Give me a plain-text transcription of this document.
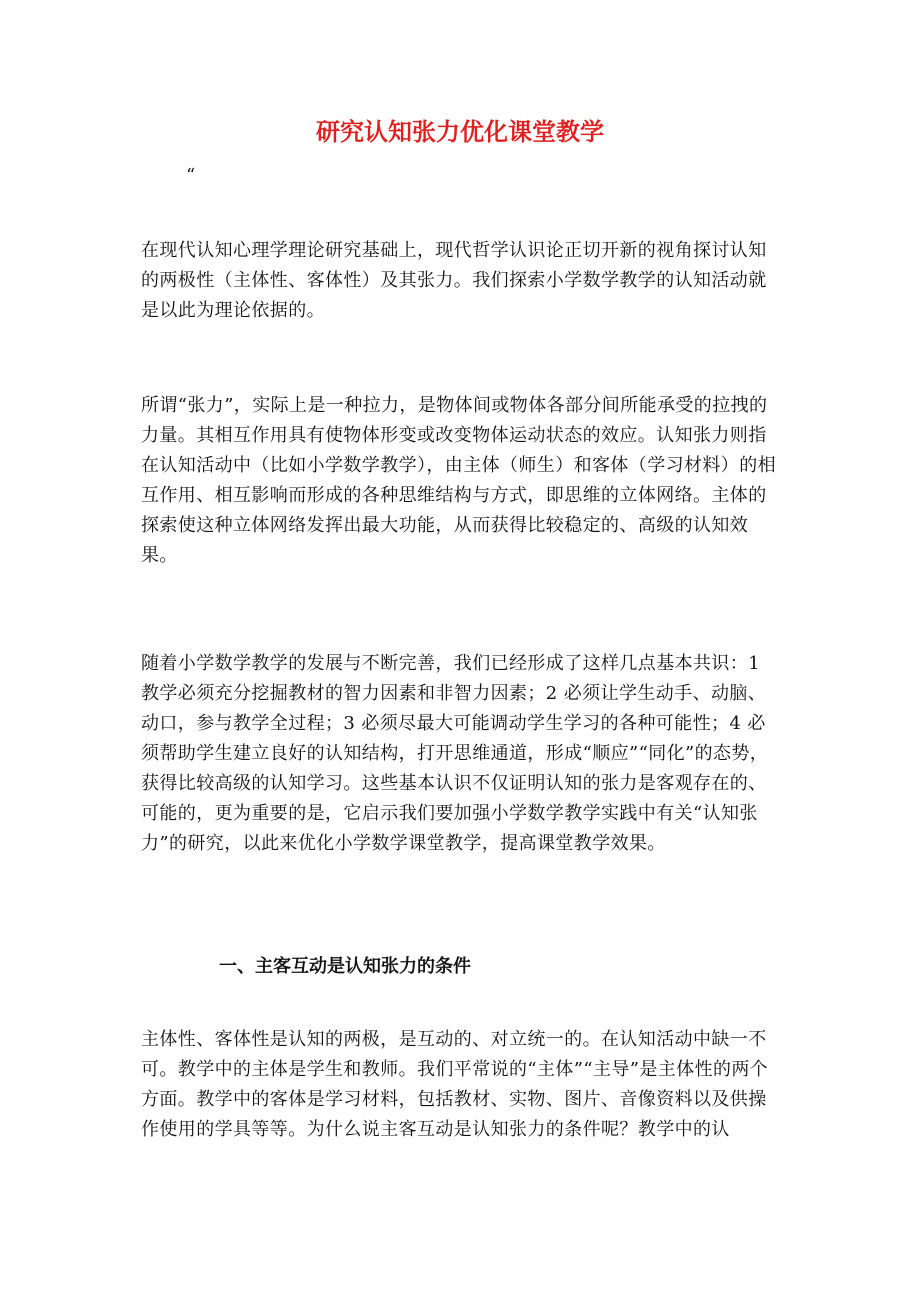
研究认知张力优化课堂教学
“

在现代认知心理学理论研究基础上，现代哲学认识论正切开新的视角探讨认知的两极性（主体性、客体性）及其张力。我们探索小学数学教学的认知活动就是以此为理论依据的。

所谓“张力”，实际上是一种拉力，是物体间或物体各部分间所能承受的拉拽的力量。其相互作用具有使物体形变或改变物体运动状态的效应。认知张力则指在认知活动中（比如小学数学教学），由主体（师生）和客体（学习材料）的相互作用、相互影响而形成的各种思维结构与方式，即思维的立体网络。主体的探索使这种立体网络发挥出最大功能，从而获得比较稳定的、高级的认知效果。

随着小学数学教学的发展与不断完善，我们已经形成了这样几点基本共识：1 教学必须充分挖掘教材的智力因素和非智力因素；2 必须让学生动手、动脑、动口，参与教学全过程；3 必须尽最大可能调动学生学习的各种可能性；4 必须帮助学生建立良好的认知结构，打开思维通道，形成“顺应”“同化”的态势，获得比较高级的认知学习。这些基本认识不仅证明认知的张力是客观存在的、可能的，更为重要的是，它启示我们要加强小学数学教学实践中有关“认知张力”的研究，以此来优化小学数学课堂教学，提高课堂教学效果。

一、主客互动是认知张力的条件

主体性、客体性是认知的两极，是互动的、对立统一的。在认知活动中缺一不可。教学中的主体是学生和教师。我们平常说的“主体”“主导”是主体性的两个方面。教学中的客体是学习材料，包括教材、实物、图片、音像资料以及供操作使用的学具等等。为什么说主客互动是认知张力的条件呢？教学中的认
